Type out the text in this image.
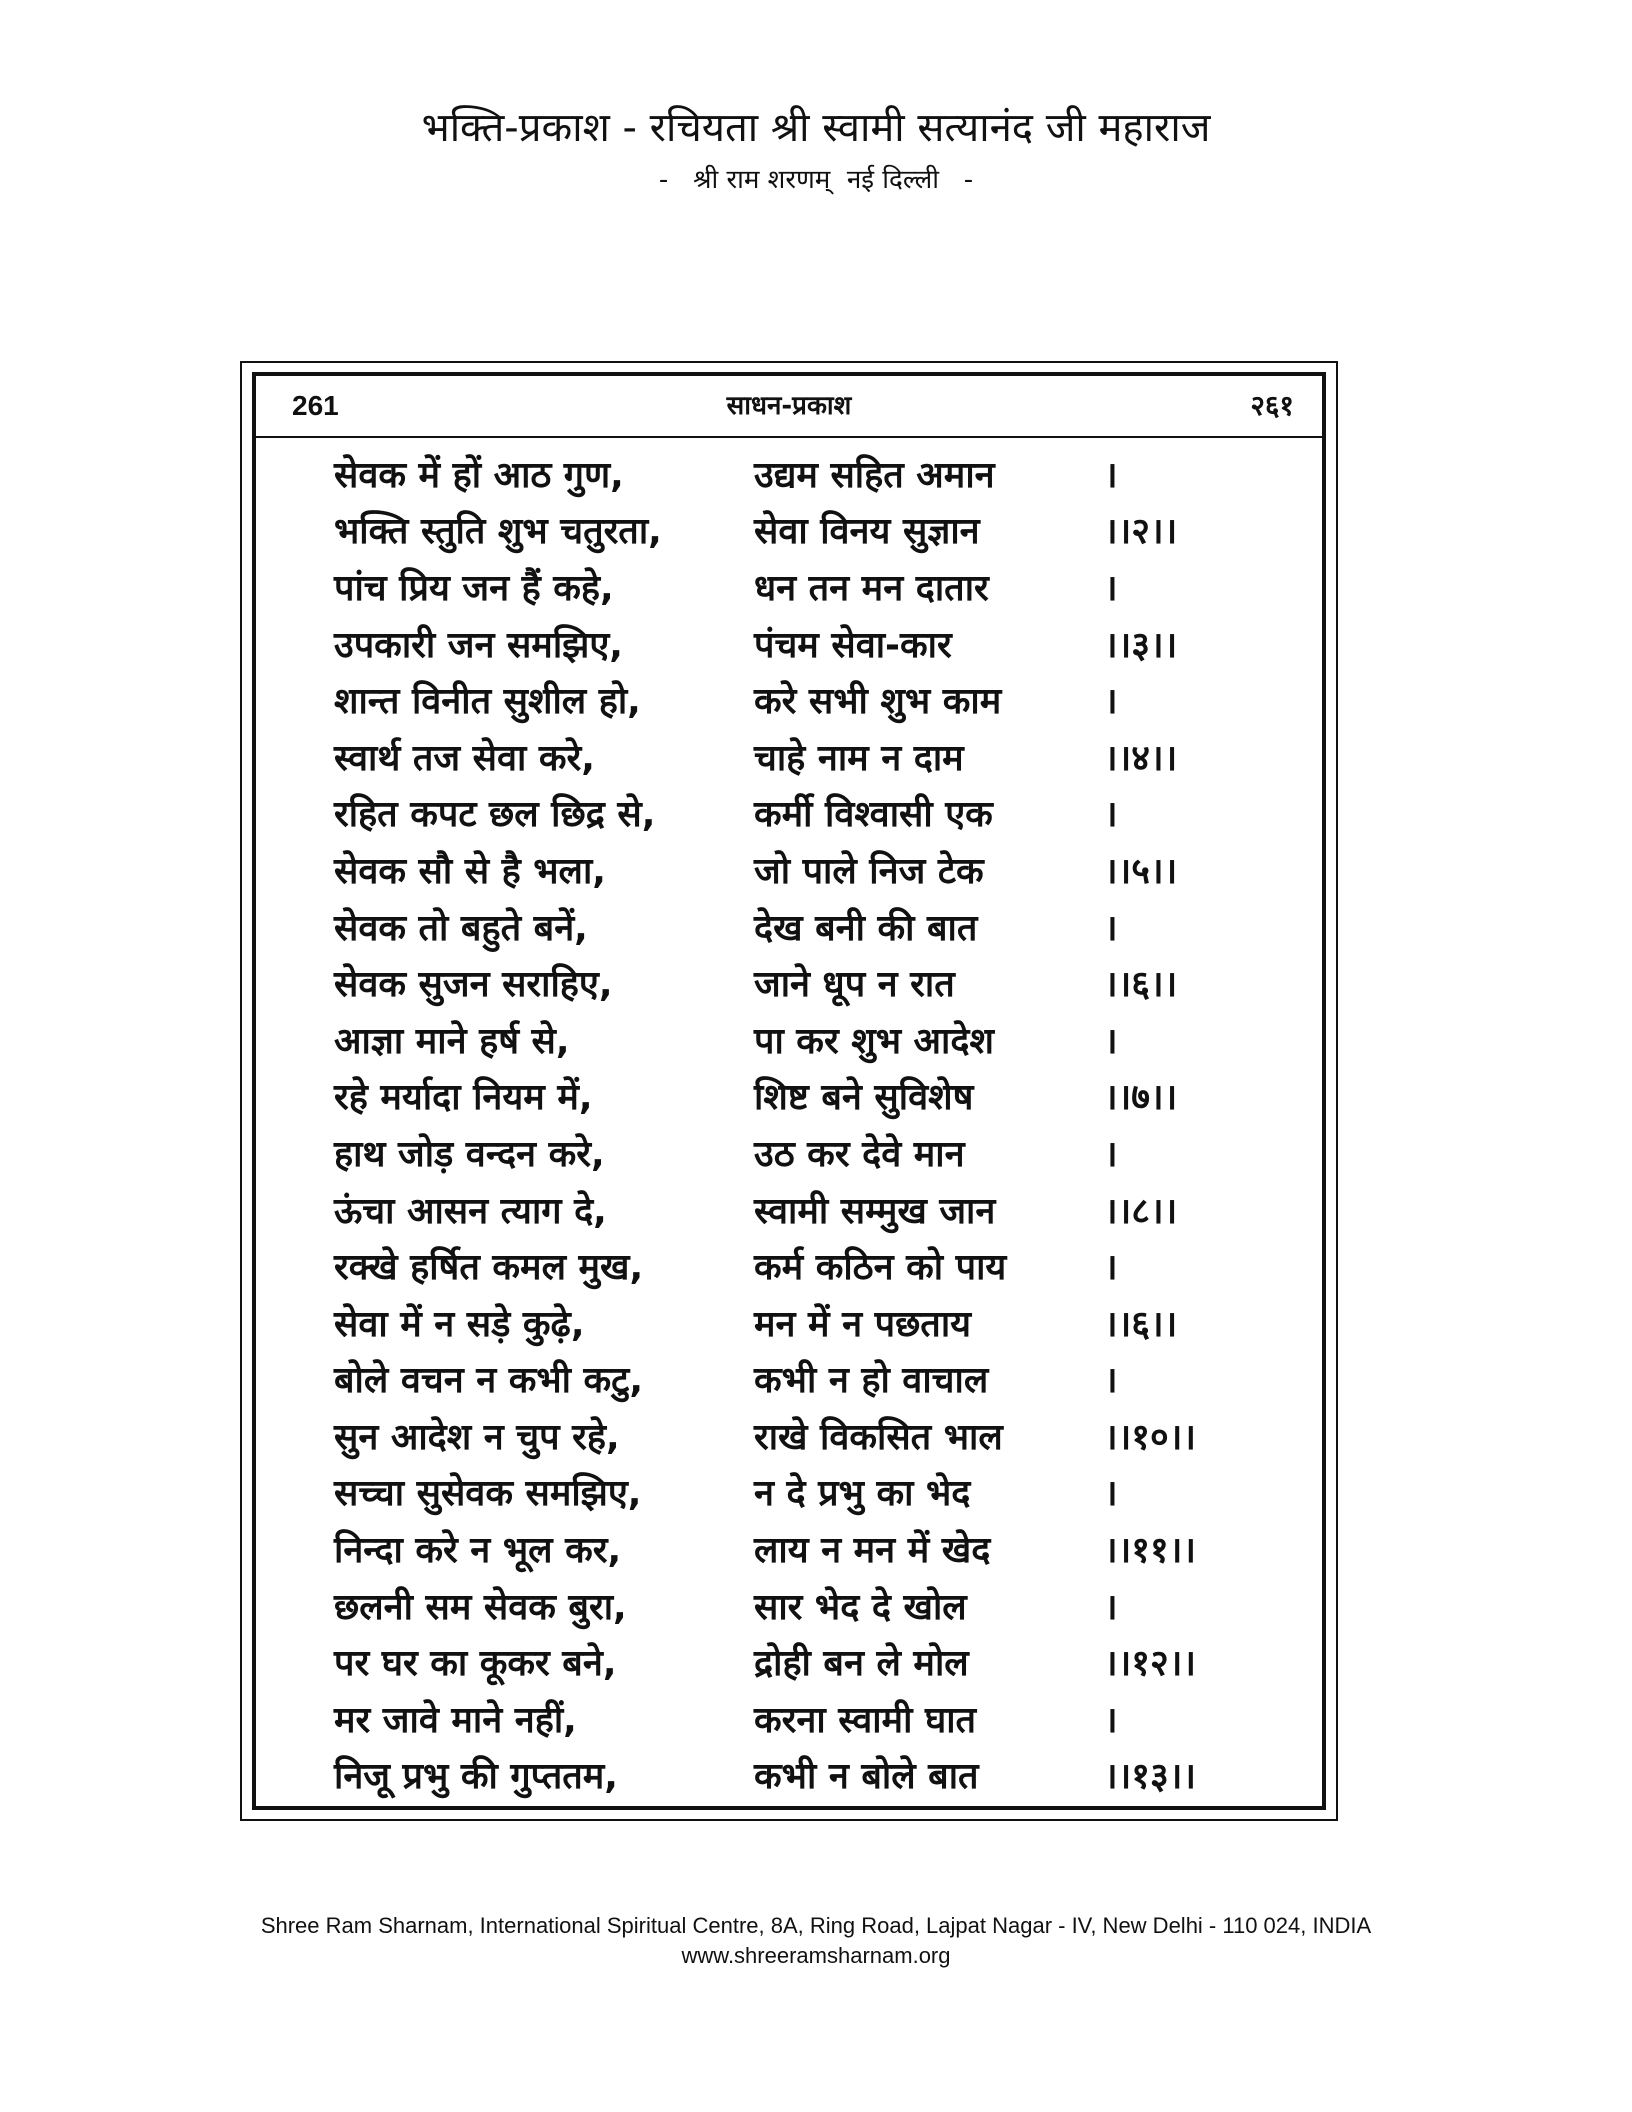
भक्ति-प्रकाश - रचियता श्री स्वामी सत्यानंद जी महाराज
-   श्री राम शरणम्  नई दिल्ली   -
261	साधन-प्रकाश	२६१
सेवक में हों आठ गुण,	उद्यम सहित अमान	।
भक्ति स्तुति शुभ चतुरता,	सेवा विनय सुज्ञान	।।२।।
पांच प्रिय जन हैं कहे,	धन तन मन दातार	।
उपकारी जन समझिए,	पंचम सेवा-कार	।।३।।
शान्त विनीत सुशील हो,	करे सभी शुभ काम	।
स्वार्थ तज सेवा करे,	चाहे नाम न दाम	।।४।।
रहित कपट छल छिद्र से,	कर्मी विश्वासी एक	।
सेवक सौ से है भला,	जो पाले निज टेक	।।५।।
सेवक तो बहुते बनें,	देख बनी की बात	।
सेवक सुजन सराहिए,	जाने धूप न रात	।।६।।
आज्ञा माने हर्ष से,	पा कर शुभ आदेश	।
रहे मर्यादा नियम में,	शिष्ट बने सुविशेष	।।७।।
हाथ जोड़ वन्दन करे,	उठ कर देवे मान	।
ऊंचा आसन त्याग दे,	स्वामी सम्मुख जान	।।८।।
रक्खे हर्षित कमल मुख,	कर्म कठिन को पाय	।
सेवा में न सड़े कुढ़े,	मन में न पछताय	।।६।।
बोले वचन न कभी कटु,	कभी न हो वाचाल	।
सुन आदेश न चुप रहे,	राखे विकसित भाल	।।१०।।
सच्चा सुसेवक समझिए,	न दे प्रभु का भेद	।
निन्दा करे न भूल कर,	लाय न मन में खेद	।।११।।
छलनी सम सेवक बुरा,	सार भेद दे खोल	।
पर घर का कूकर बने,	द्रोही बन ले मोल	।।१२।।
मर जावे माने नहीं,	करना स्वामी घात	।
निजू प्रभु की गुप्ततम,	कभी न बोले बात	।।१३।।
Shree Ram Sharnam, International Spiritual Centre, 8A, Ring Road, Lajpat Nagar - IV, New Delhi - 110 024, INDIA
www.shreeramsharnam.org
